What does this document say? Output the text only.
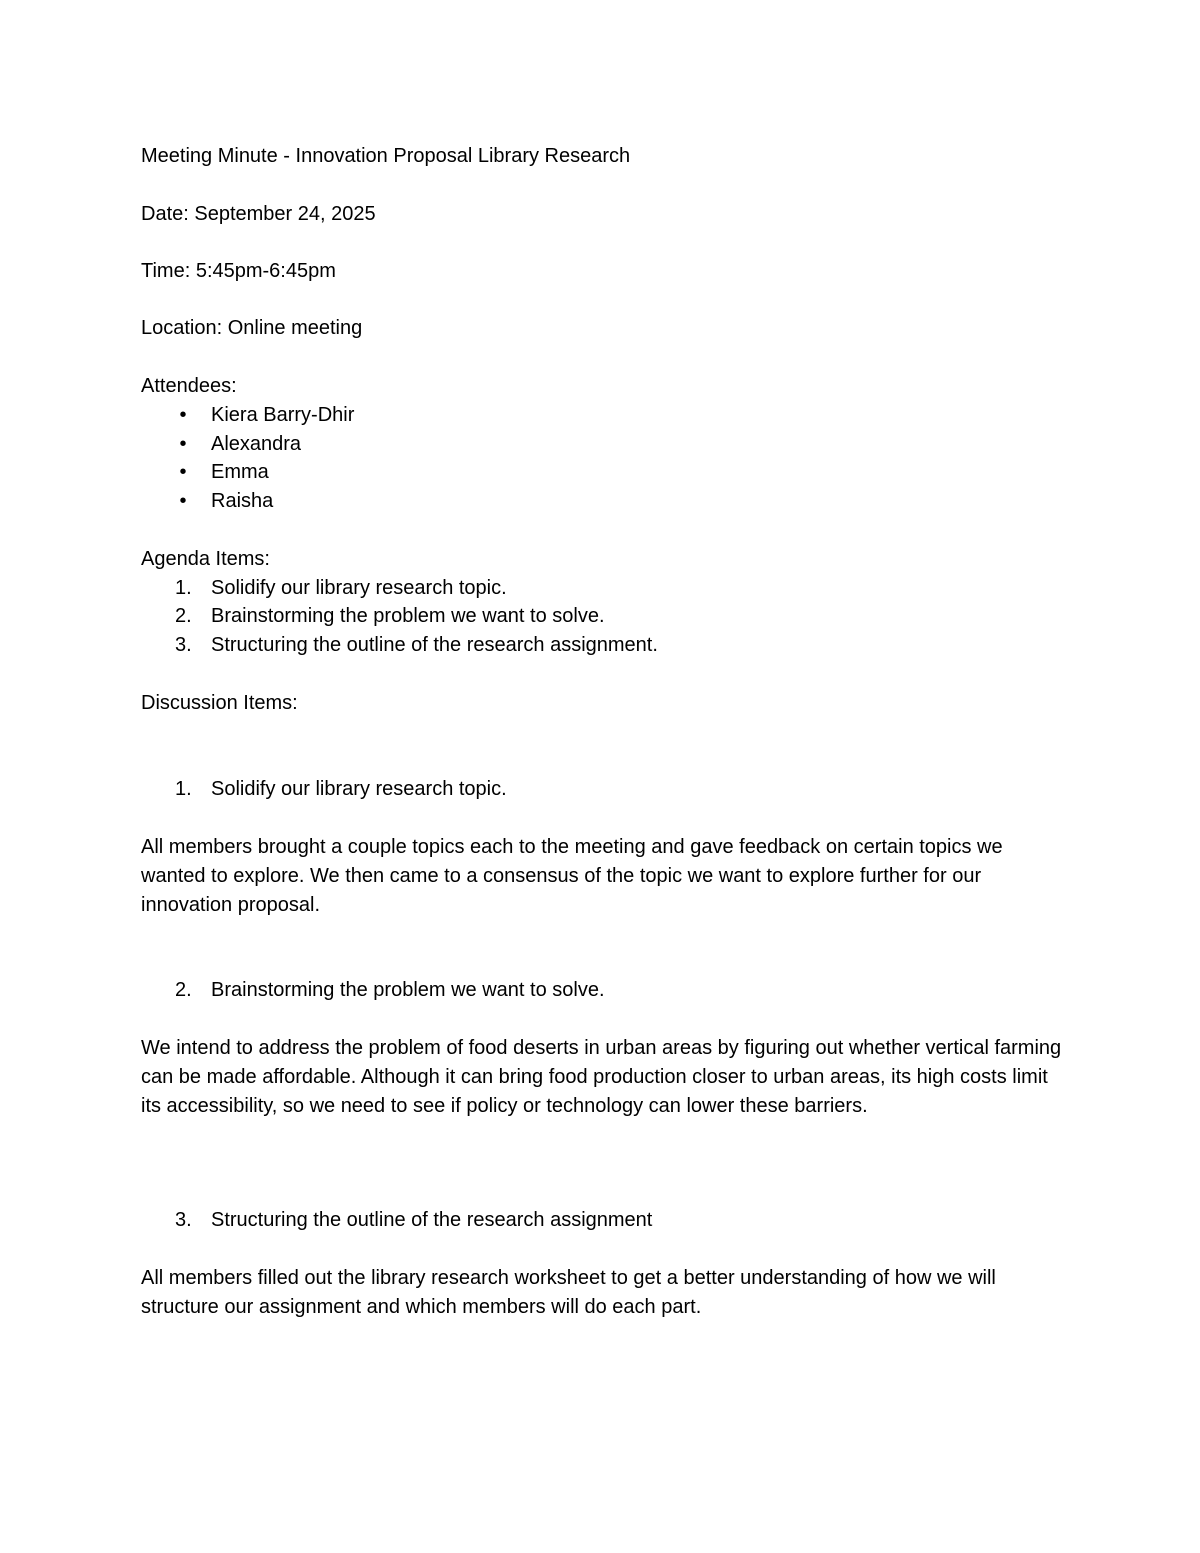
Meeting Minute - Innovation Proposal Library Research

Date: September 24, 2025

Time: 5:45pm-6:45pm

Location: Online meeting

Attendees:

•	Kiera Barry-Dhir
•	Alexandra
•	Emma
•	Raisha

Agenda Items:

1. Solidify our library research topic.
2. Brainstorming the problem we want to solve.
3. Structuring the outline of the research assignment.

Discussion Items:

1. Solidify our library research topic.

All members brought a couple topics each to the meeting and gave feedback on certain topics we wanted to explore. We then came to a consensus of the topic we want to explore further for our innovation proposal.

2. Brainstorming the problem we want to solve.

We intend to address the problem of food deserts in urban areas by figuring out whether vertical farming can be made affordable. Although it can bring food production closer to urban areas, its high costs limit its accessibility, so we need to see if policy or technology can lower these barriers.

3. Structuring the outline of the research assignment

All members filled out the library research worksheet to get a better understanding of how we will structure our assignment and which members will do each part.
